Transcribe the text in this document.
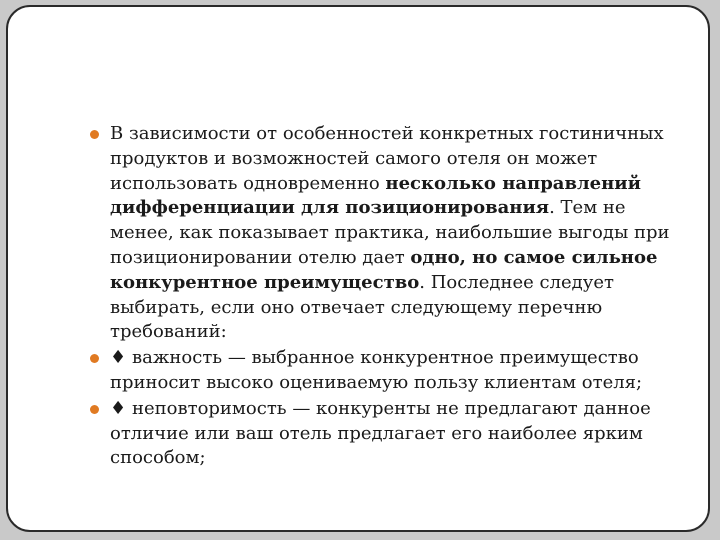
В зависимости от особенностей конкретных гостиничных продуктов и возможностей самого отеля он может использовать одновременно несколько направлений дифференциации для позиционирования. Тем не менее, как показывает практика, наибольшие выгоды при позиционировании отелю дает одно, но самое сильное конкурентное преимущество. Последнее следует выбирать, если оно отвечает следующему перечню требований:
♦ важность — выбранное конкурентное преимущество приносит высоко оцениваемую пользу клиентам отеля;
♦ неповторимость — конкуренты не предлагают данное отличие или ваш отель предлагает его наиболее ярким способом;
